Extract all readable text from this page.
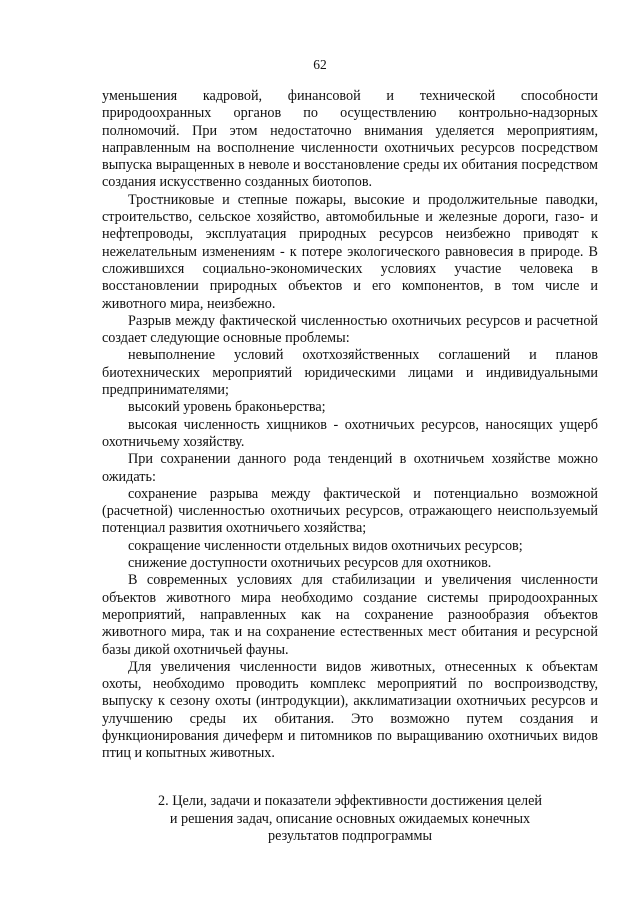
62

уменьшения кадровой, финансовой и технической способности природоохранных органов по осуществлению контрольно-надзорных полномочий. При этом недостаточно внимания уделяется мероприятиям, направленным на восполнение численности охотничьих ресурсов посредством выпуска выращенных в неволе и восстановление среды их обитания посредством создания искусственно созданных биотопов.

Тростниковые и степные пожары, высокие и продолжительные паводки, строительство, сельское хозяйство, автомобильные и железные дороги, газо- и нефтепроводы, эксплуатация природных ресурсов неизбежно приводят к нежелательным изменениям - к потере экологического равновесия в природе. В сложившихся социально-экономических условиях участие человека в восстановлении природных объектов и его компонентов, в том числе и животного мира, неизбежно.

Разрыв между фактической численностью охотничьих ресурсов и расчетной создает следующие основные проблемы:

невыполнение условий охотхозяйственных соглашений и планов биотехнических мероприятий юридическими лицами и индивидуальными предпринимателями;

высокий уровень браконьерства;

высокая численность хищников - охотничьих ресурсов, наносящих ущерб охотничьему хозяйству.

При сохранении данного рода тенденций в охотничьем хозяйстве можно ожидать:

сохранение разрыва между фактической и потенциально возможной (расчетной) численностью охотничьих ресурсов, отражающего неиспользуемый потенциал развития охотничьего хозяйства;

сокращение численности отдельных видов охотничьих ресурсов;

снижение доступности охотничьих ресурсов для охотников.

В современных условиях для стабилизации и увеличения численности объектов животного мира необходимо создание системы природоохранных мероприятий, направленных как на сохранение разнообразия объектов животного мира, так и на сохранение естественных мест обитания и ресурсной базы дикой охотничьей фауны.

Для увеличения численности видов животных, отнесенных к объектам охоты, необходимо проводить комплекс мероприятий по воспроизводству, выпуску к сезону охоты (интродукции), акклиматизации охотничьих ресурсов и улучшению среды их обитания. Это возможно путем создания и функционирования дичеферм и питомников по выращиванию охотничьих видов птиц и копытных животных.

2. Цели, задачи и показатели эффективности достижения целей
и решения задач, описание основных ожидаемых конечных
результатов подпрограммы
